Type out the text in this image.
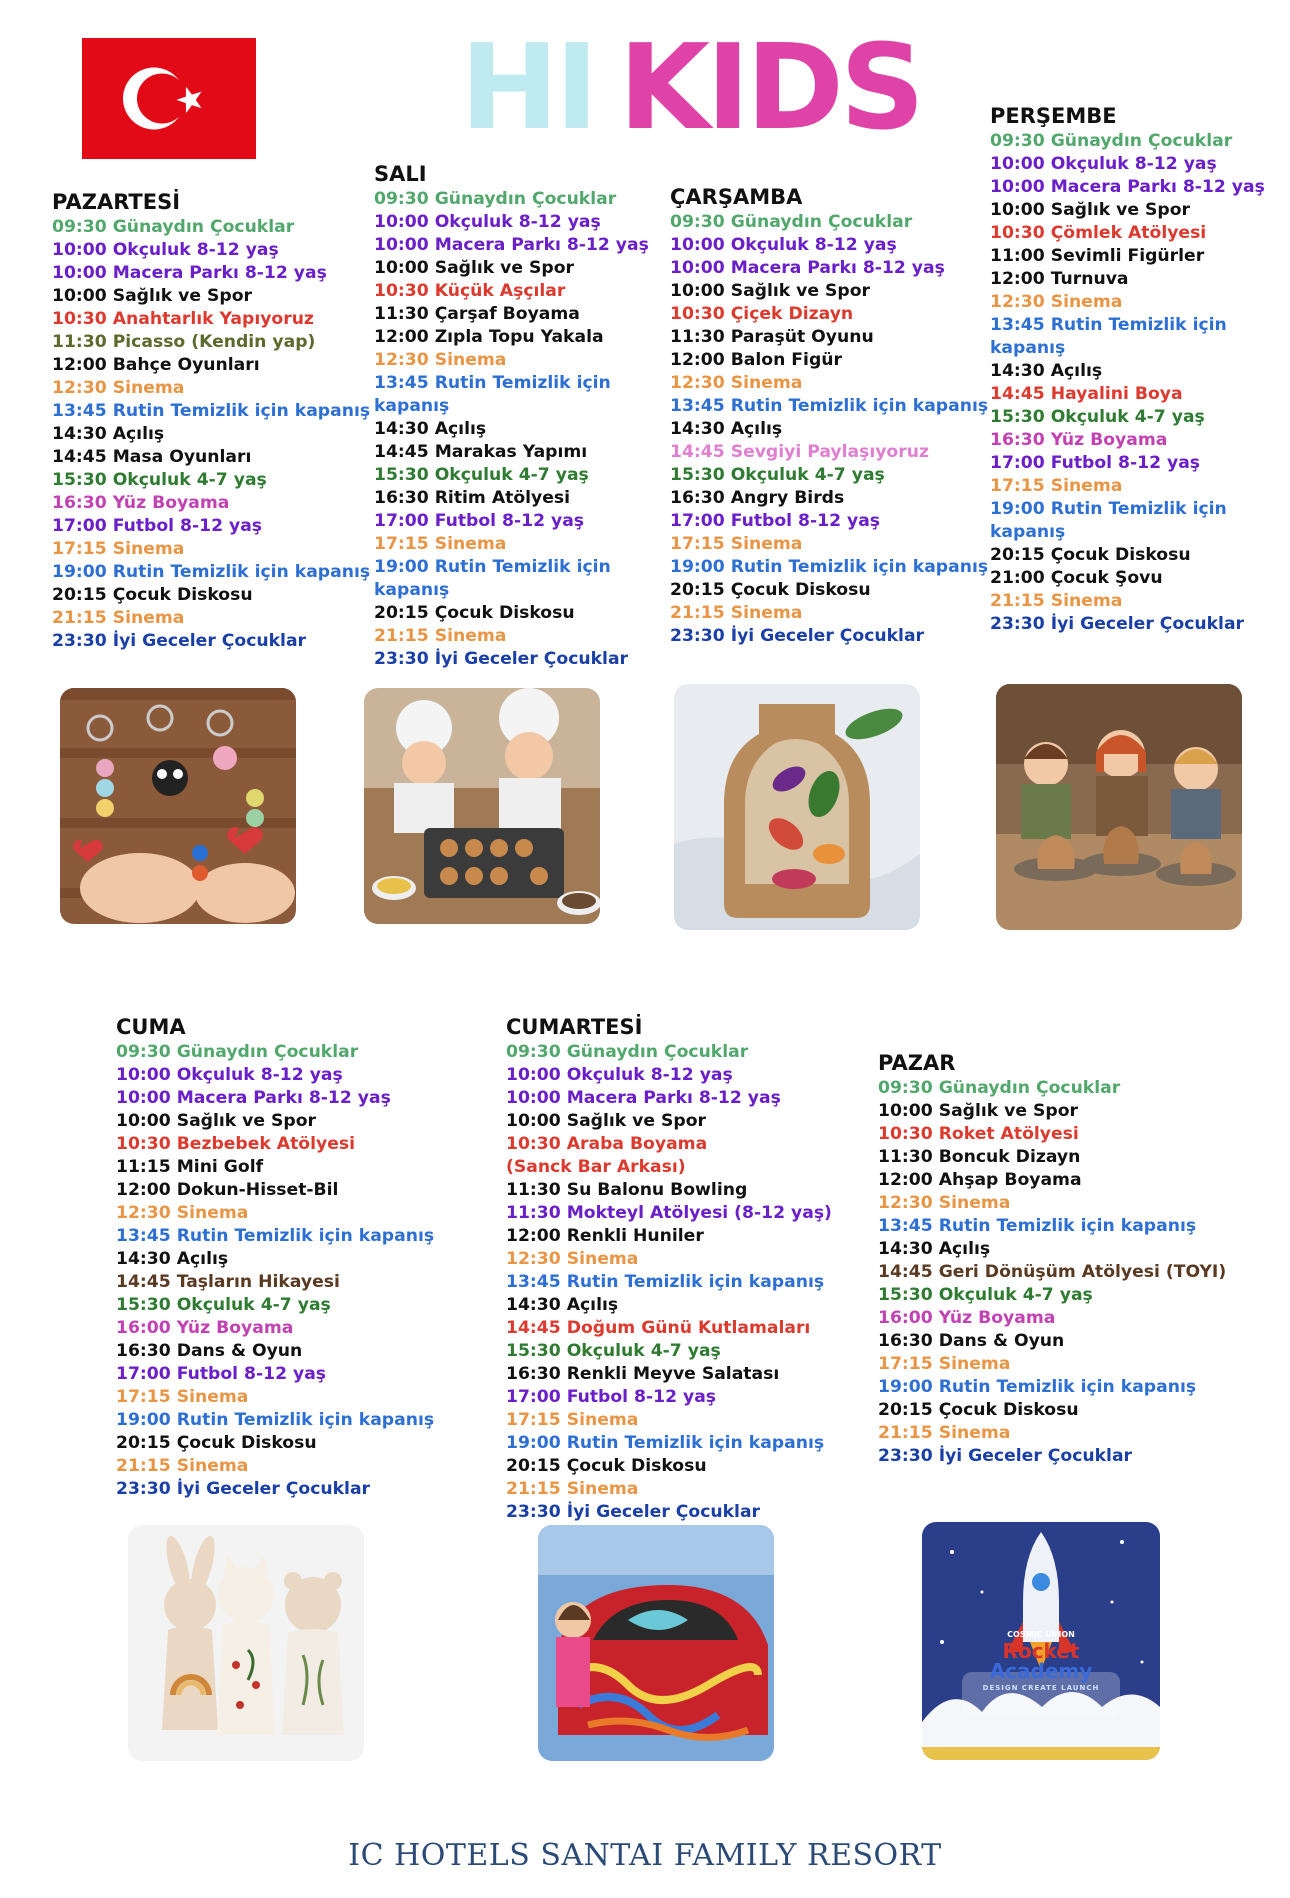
HI KIDS
PAZARTESİ
09:30 Günaydın Çocuklar
10:00 Okçuluk 8-12 yaş
10:00 Macera Parkı 8-12 yaş
10:00 Sağlık ve Spor
10:30 Anahtarlık Yapıyoruz
11:30 Picasso (Kendin yap)
12:00 Bahçe Oyunları
12:30 Sinema
13:45 Rutin Temizlik için kapanış
14:30 Açılış
14:45 Masa Oyunları
15:30 Okçuluk 4-7 yaş
16:30 Yüz Boyama
17:00 Futbol 8-12 yaş
17:15 Sinema
19:00 Rutin Temizlik için kapanış
20:15 Çocuk Diskosu
21:15 Sinema
23:30 İyi Geceler Çocuklar
SALI
09:30 Günaydın Çocuklar
10:00 Okçuluk 8-12 yaş
10:00 Macera Parkı 8-12 yaş
10:00 Sağlık ve Spor
10:30 Küçük Aşçılar
11:30 Çarşaf Boyama
12:00 Zıpla Topu Yakala
12:30 Sinema
13:45 Rutin Temizlik için
kapanış
14:30 Açılış
14:45 Marakas Yapımı
15:30 Okçuluk 4-7 yaş
16:30 Ritim Atölyesi
17:00 Futbol 8-12 yaş
17:15 Sinema
19:00 Rutin Temizlik için
kapanış
20:15 Çocuk Diskosu
21:15 Sinema
23:30 İyi Geceler Çocuklar
ÇARŞAMBA
09:30 Günaydın Çocuklar
10:00 Okçuluk 8-12 yaş
10:00 Macera Parkı 8-12 yaş
10:00 Sağlık ve Spor
10:30 Çiçek Dizayn
11:30 Paraşüt Oyunu
12:00 Balon Figür
12:30 Sinema
13:45 Rutin Temizlik için kapanış
14:30 Açılış
14:45 Sevgiyi Paylaşıyoruz
15:30 Okçuluk 4-7 yaş
16:30 Angry Birds
17:00 Futbol 8-12 yaş
17:15 Sinema
19:00 Rutin Temizlik için kapanış
20:15 Çocuk Diskosu
21:15 Sinema
23:30 İyi Geceler Çocuklar
PERŞEMBE
09:30 Günaydın Çocuklar
10:00 Okçuluk 8-12 yaş
10:00 Macera Parkı 8-12 yaş
10:00 Sağlık ve Spor
10:30 Çömlek Atölyesi
11:00 Sevimli Figürler
12:00 Turnuva
12:30 Sinema
13:45 Rutin Temizlik için
kapanış
14:30 Açılış
14:45 Hayalini Boya
15:30 Okçuluk 4-7 yaş
16:30 Yüz Boyama
17:00 Futbol 8-12 yaş
17:15 Sinema
19:00 Rutin Temizlik için
kapanış
20:15 Çocuk Diskosu
21:00 Çocuk Şovu
21:15 Sinema
23:30 İyi Geceler Çocuklar
CUMA
09:30 Günaydın Çocuklar
10:00 Okçuluk 8-12 yaş
10:00 Macera Parkı 8-12 yaş
10:00 Sağlık ve Spor
10:30 Bezbebek Atölyesi
11:15 Mini Golf
12:00 Dokun-Hisset-Bil
12:30 Sinema
13:45 Rutin Temizlik için kapanış
14:30 Açılış
14:45 Taşların Hikayesi
15:30 Okçuluk 4-7 yaş
16:00 Yüz Boyama
16:30 Dans & Oyun
17:00 Futbol 8-12 yaş
17:15 Sinema
19:00 Rutin Temizlik için kapanış
20:15 Çocuk Diskosu
21:15 Sinema
23:30 İyi Geceler Çocuklar
CUMARTESİ
09:30 Günaydın Çocuklar
10:00 Okçuluk 8-12 yaş
10:00 Macera Parkı 8-12 yaş
10:00 Sağlık ve Spor
10:30 Araba Boyama
(Sanck Bar Arkası)
11:30 Su Balonu Bowling
11:30 Mokteyl Atölyesi (8-12 yaş)
12:00 Renkli Huniler
12:30 Sinema
13:45 Rutin Temizlik için kapanış
14:30 Açılış
14:45 Doğum Günü Kutlamaları
15:30 Okçuluk 4-7 yaş
16:30 Renkli Meyve Salatası
17:00 Futbol 8-12 yaş
17:15 Sinema
19:00 Rutin Temizlik için kapanış
20:15 Çocuk Diskosu
21:15 Sinema
23:30 İyi Geceler Çocuklar
PAZAR
09:30 Günaydın Çocuklar
10:00 Sağlık ve Spor
10:30 Roket Atölyesi
11:30 Boncuk Dizayn
12:00 Ahşap Boyama
12:30 Sinema
13:45 Rutin Temizlik için kapanış
14:30 Açılış
14:45 Geri Dönüşüm Atölyesi (TOYI)
15:30 Okçuluk 4-7 yaş
16:00 Yüz Boyama
16:30 Dans & Oyun
17:15 Sinema
19:00 Rutin Temizlik için kapanış
20:15 Çocuk Diskosu
21:15 Sinema
23:30 İyi Geceler Çocuklar
COSMIC UNION
Rocket
Academy
DESIGN CREATE LAUNCH
IC HOTELS SANTAI FAMILY RESORT
